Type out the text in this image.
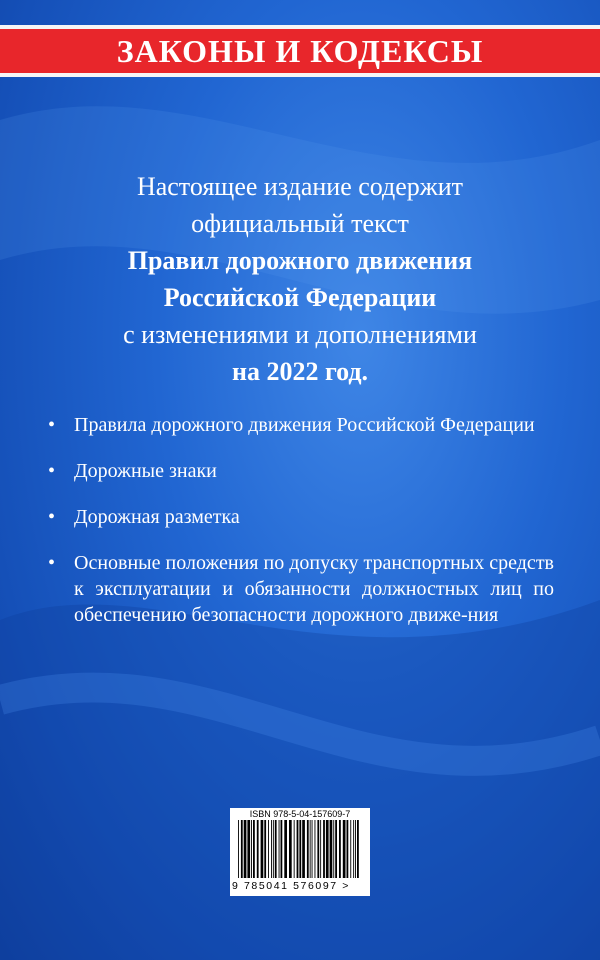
ЗАКОНЫ И КОДЕКСЫ
Настоящее издание содержит
официальный текст
Правил дорожного движения
Российской Федерации
с изменениями и дополнениями
на 2022 год.
• Правила дорожного движения Российской Федерации
• Дорожные знаки
• Дорожная разметка
• Основные положения по допуску транспортных средств к эксплуатации и обязанности должностных лиц по обеспечению безопасности дорожного движе-ния
ISBN 978-5-04-157609-7
9 785041 576097 >
